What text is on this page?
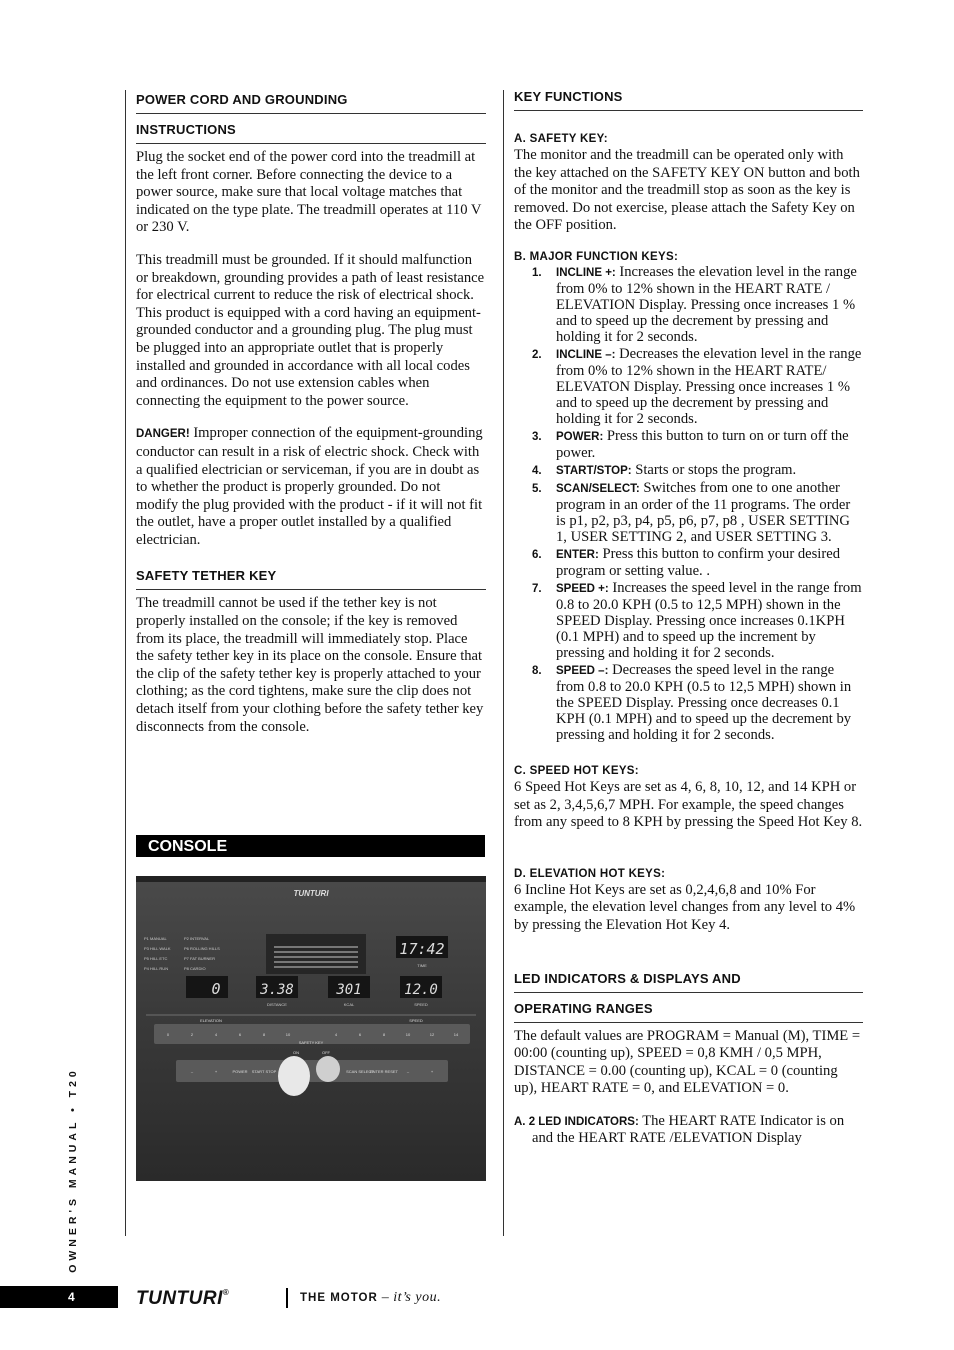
POWER CORD AND GROUNDING
INSTRUCTIONS

Plug the socket end of the power cord into the treadmill at the left front corner. Before connecting the device to a power source, make sure that local voltage matches that indicated on the type plate. The treadmill operates at 110 V or 230 V.

This treadmill must be grounded. If it should malfunction or breakdown, grounding provides a path of least resistance for electrical current to reduce the risk of electrical shock. This product is equipped with a cord having an equipment-grounded conductor and a grounding plug. The plug must be plugged into an appropriate outlet that is properly installed and grounded in accordance with all local codes and ordinances. Do not use extension cables when connecting the equipment to the power source.

DANGER! Improper connection of the equipment-grounding conductor can result in a risk of electric shock. Check with a qualified electrician or serviceman, if you are in doubt as to whether the product is properly grounded. Do not modify the plug provided with the product - if it will not fit the outlet, have a proper outlet installed by a qualified electrician.

SAFETY TETHER KEY

The treadmill cannot be used if the tether key is not properly installed on the console; if the key is removed from its place, the treadmill will immediately stop. Place the safety tether key in its place on the console. Ensure that the clip of the safety tether key is properly attached to your clothing; as the cord tightens, make sure the clip does not detach itself from your clothing before the safety tether key disconnects from the console.

CONSOLE
TUNTURI
P1 MANUAL
P3 HILL WALK
P5 HILL ETC
P4 HILL RUN
P2 INTERVAL
P6 ROLLING HILLS
P7 FAT BURNER
P8 CARDIO
17:42
TIME
0	3.38
DISTANCE
301
KCAL
12.0
SPEED
ELEVATION	SPEED
0	2	4	6	8	10	4	6	8	10	12	14
–	+	POWER START STOP	SCAN SELECT
ENTER RESET –	+
SAFETY KEY
ON	OFF
KEY FUNCTIONS
A. SAFETY KEY:

The monitor and the treadmill can be operated only with the key attached on the SAFETY KEY ON button and both of the monitor and the treadmill stop as soon as the key is removed. Do not exercise, please attach the Safety Key on the OFF position.

B. MAJOR FUNCTION KEYS:
1. INCLINE +: Increases the elevation level in the range from 0% to 12% shown in the HEART RATE / ELEVATION Display. Pressing once increases 1 % and to speed up the decrement by pressing and holding it for 2 seconds.
2. INCLINE –: Decreases the elevation level in the range from 0% to 12% shown in the HEART RATE/ ELEVATON Display. Pressing once increases 1 % and to speed up the decrement by pressing and holding it for 2 seconds.
3. POWER: Press this button to turn on or turn off the power.
4. START/STOP: Starts or stops the program.
5. SCAN/SELECT: Switches from one to one another program in an order of the 11 programs. The order is p1, p2, p3, p4, p5, p6, p7, p8 , USER SETTING 1, USER SETTING 2, and USER SETTING 3.
6. ENTER: Press this button to confirm your desired program or setting value. .
7. SPEED +: Increases the speed level in the range from 0.8 to 20.0 KPH (0.5 to 12,5 MPH) shown in the SPEED Display. Pressing once increases 0.1KPH (0.1 MPH) and to speed up the increment by pressing and holding it for 2 seconds.
8. SPEED –: Decreases the speed level in the range from 0.8 to 20.0 KPH (0.5 to 12,5 MPH) shown in the SPEED Display. Pressing once decreases 0.1 KPH (0.1 MPH) and to speed up the decrement by pressing and holding it for 2 seconds.
C. SPEED HOT KEYS:

6 Speed Hot Keys are set as 4, 6, 8, 10, 12, and 14 KPH or set as 2, 3,4,5,6,7 MPH. For example, the speed changes from any speed to 8 KPH by pressing the Speed Hot Key 8.

D. ELEVATION HOT KEYS:

6 Incline Hot Keys are set as 0,2,4,6,8 and 10% For example, the elevation level changes from any level to 4% by pressing the Elevation Hot Key 4.

LED INDICATORS & DISPLAYS AND
OPERATING RANGES

The default values are PROGRAM = Manual (M), TIME = 00:00 (counting up), SPEED = 0,8 KMH / 0,5 MPH, DISTANCE = 0.00 (counting up), KCAL = 0 (counting up), HEART RATE = 0, and ELEVATION = 0.

A. 2 LED INDICATORS: The HEART RATE Indicator is on and the HEART RATE /ELEVATION Display

OWNER'S MANUAL • T20
4	TUNTURI®	THE MOTOR – it’s you.
